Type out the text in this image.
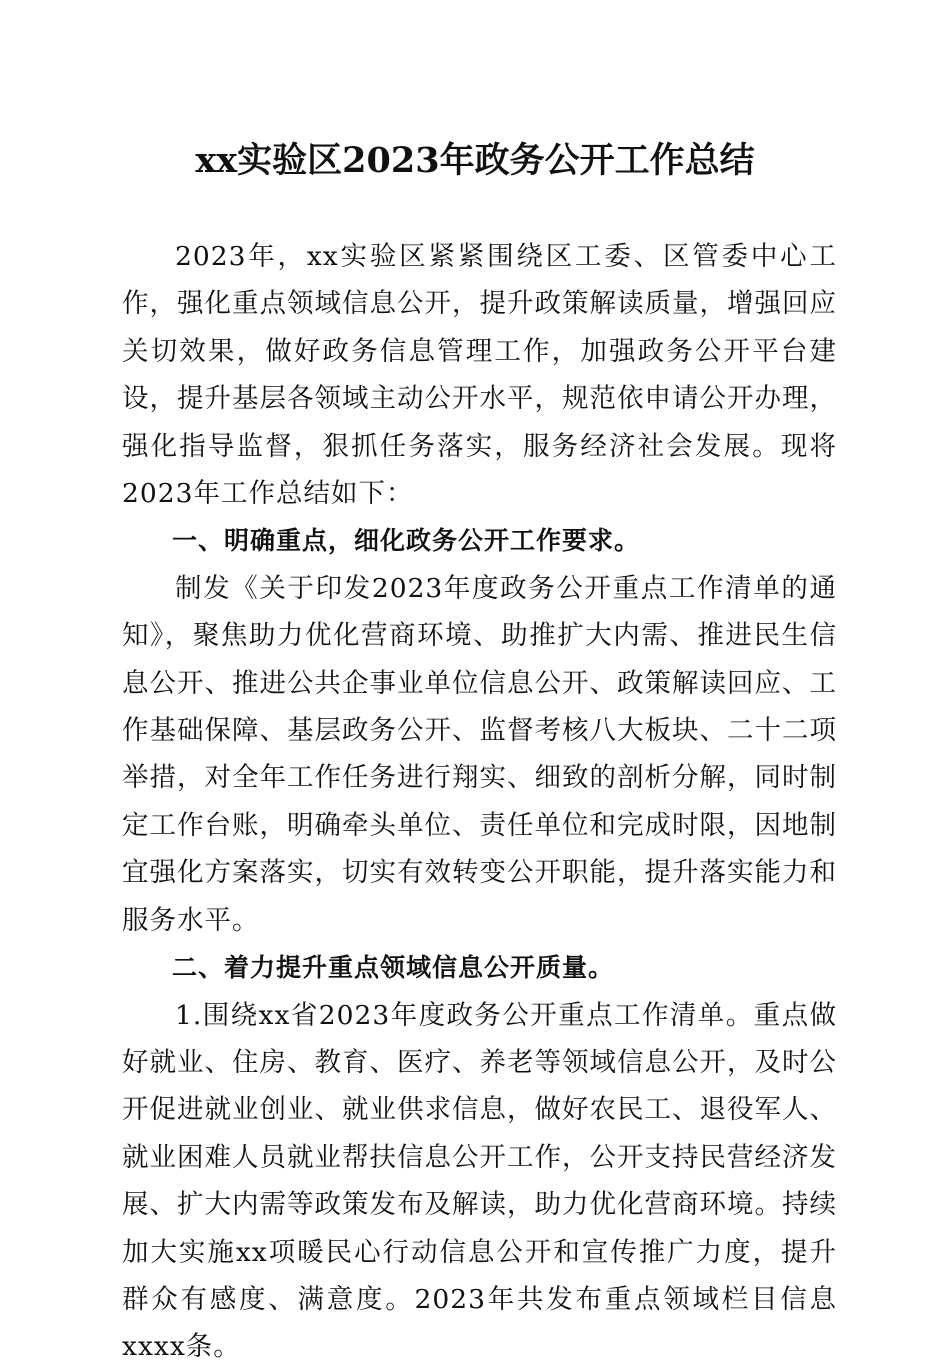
xx实验区2023年政务公开工作总结

2023年，xx实验区紧紧围绕区工委、区管委中心工作，强化重点领域信息公开，提升政策解读质量，增强回应关切效果，做好政务信息管理工作，加强政务公开平台建设，提升基层各领域主动公开水平，规范依申请公开办理，强化指导监督，狠抓任务落实，服务经济社会发展。现将2023年工作总结如下：

一、明确重点，细化政务公开工作要求。

制发《关于印发2023年度政务公开重点工作清单的通知》，聚焦助力优化营商环境、助推扩大内需、推进民生信息公开、推进公共企事业单位信息公开、政策解读回应、工作基础保障、基层政务公开、监督考核八大板块、二十二项举措，对全年工作任务进行翔实、细致的剖析分解，同时制定工作台账，明确牵头单位、责任单位和完成时限，因地制宜强化方案落实，切实有效转变公开职能，提升落实能力和服务水平。

二、着力提升重点领域信息公开质量。

1.围绕xx省2023年度政务公开重点工作清单。重点做好就业、住房、教育、医疗、养老等领域信息公开，及时公开促进就业创业、就业供求信息，做好农民工、退役军人、就业困难人员就业帮扶信息公开工作，公开支持民营经济发展、扩大内需等政策发布及解读，助力优化营商环境。持续加大实施xx项暖民心行动信息公开和宣传推广力度，提升群众有感度、满意度。2023年共发布重点领域栏目信息xxxx条。
